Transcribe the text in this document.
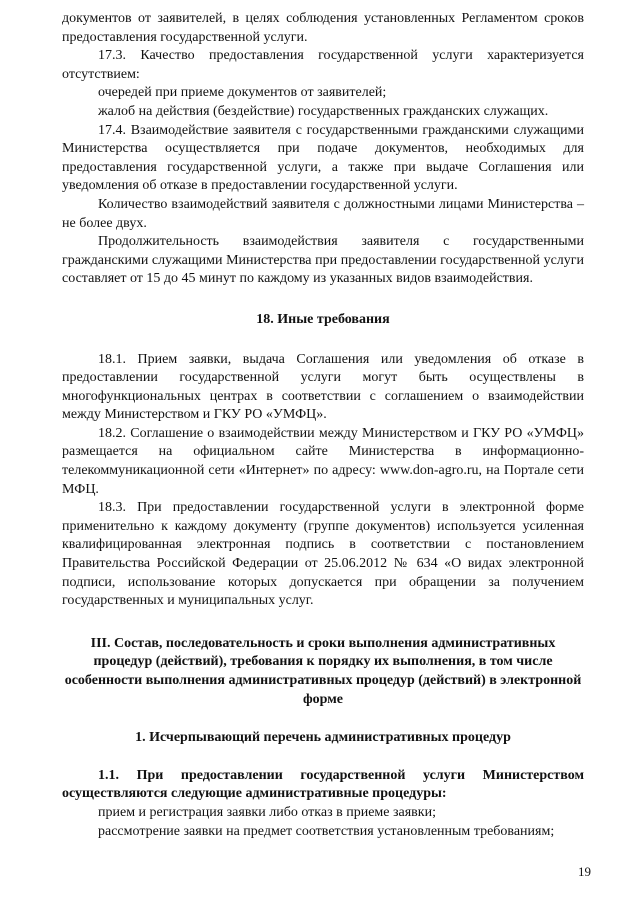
документов от заявителей, в целях соблюдения установленных Регламентом сроков предоставления государственной услуги.

17.3. Качество предоставления государственной услуги характеризуется отсутствием:

очередей при приеме документов от заявителей;

жалоб на действия (бездействие) государственных гражданских служащих.

17.4. Взаимодействие заявителя с государственными гражданскими служащими Министерства осуществляется при подаче документов, необходимых для предоставления государственной услуги, а также при выдаче Соглашения или уведомления об отказе в предоставлении государственной услуги.

Количество взаимодействий заявителя с должностными лицами Министерства – не более двух.

Продолжительность взаимодействия заявителя с государственными гражданскими служащими Министерства при предоставлении государственной услуги составляет от 15 до 45 минут по каждому из указанных видов взаимодействия.

18. Иные требования

18.1. Прием заявки, выдача Соглашения или уведомления об отказе в предоставлении государственной услуги могут быть осуществлены в многофункциональных центрах в соответствии с соглашением о взаимодействии между Министерством и ГКУ РО «УМФЦ».

18.2. Соглашение о взаимодействии между Министерством и ГКУ РО «УМФЦ» размещается на официальном сайте Министерства в информационно-телекоммуникационной сети «Интернет» по адресу: www.don-agro.ru, на Портале сети МФЦ.

18.3. При предоставлении государственной услуги в электронной форме применительно к каждому документу (группе документов) используется усиленная квалифицированная электронная подпись в соответствии с постановлением Правительства Российской Федерации от 25.06.2012 № 634 «О видах электронной подписи, использование которых допускается при обращении за получением государственных и муниципальных услуг.

III. Состав, последовательность и сроки выполнения административных процедур (действий), требования к порядку их выполнения, в том числе особенности выполнения административных процедур (действий) в электронной форме

1. Исчерпывающий перечень административных процедур

1.1. При предоставлении государственной услуги Министерством осуществляются следующие административные процедуры:

прием и регистрация заявки либо отказ в приеме заявки;

рассмотрение заявки на предмет соответствия установленным требованиям;

19
